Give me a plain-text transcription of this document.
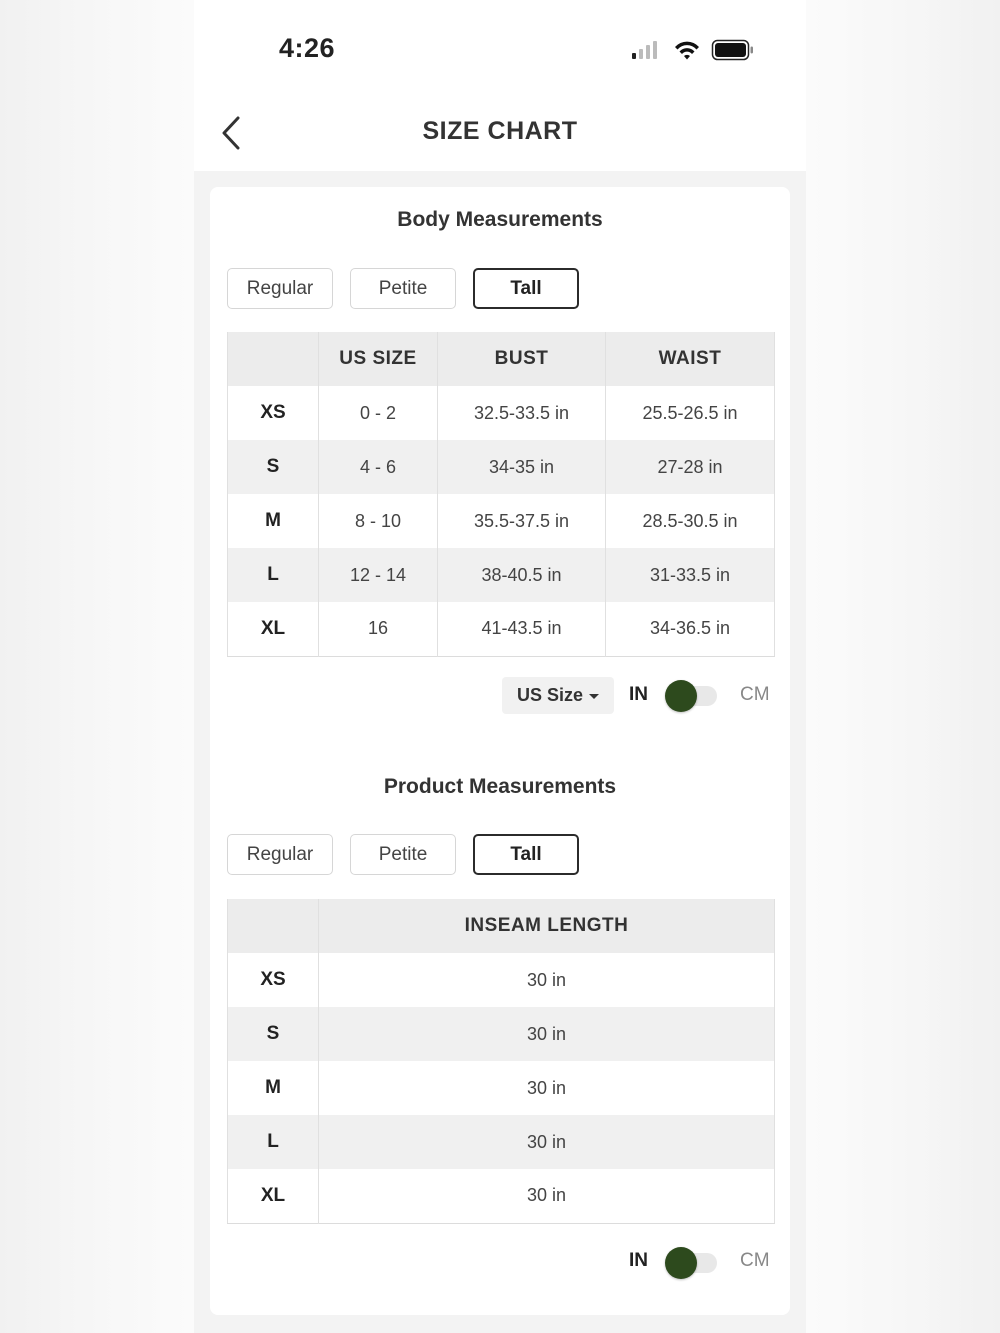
4:26
SIZE CHART
Body Measurements
Regular	Petite	Tall
	US SIZE	BUST	WAIST
XS	0 - 2	32.5-33.5 in	25.5-26.5 in
S	4 - 6	34-35 in	27-28 in
M	8 - 10	35.5-37.5 in	28.5-30.5 in
L	12 - 14	38-40.5 in	31-33.5 in
XL	16	41-43.5 in	34-36.5 in
US Size IN	CM
Product Measurements
Regular	Petite	Tall
	INSEAM LENGTH
XS	30 in
S	30 in
M	30 in
L	30 in
XL	30 in
IN	CM
